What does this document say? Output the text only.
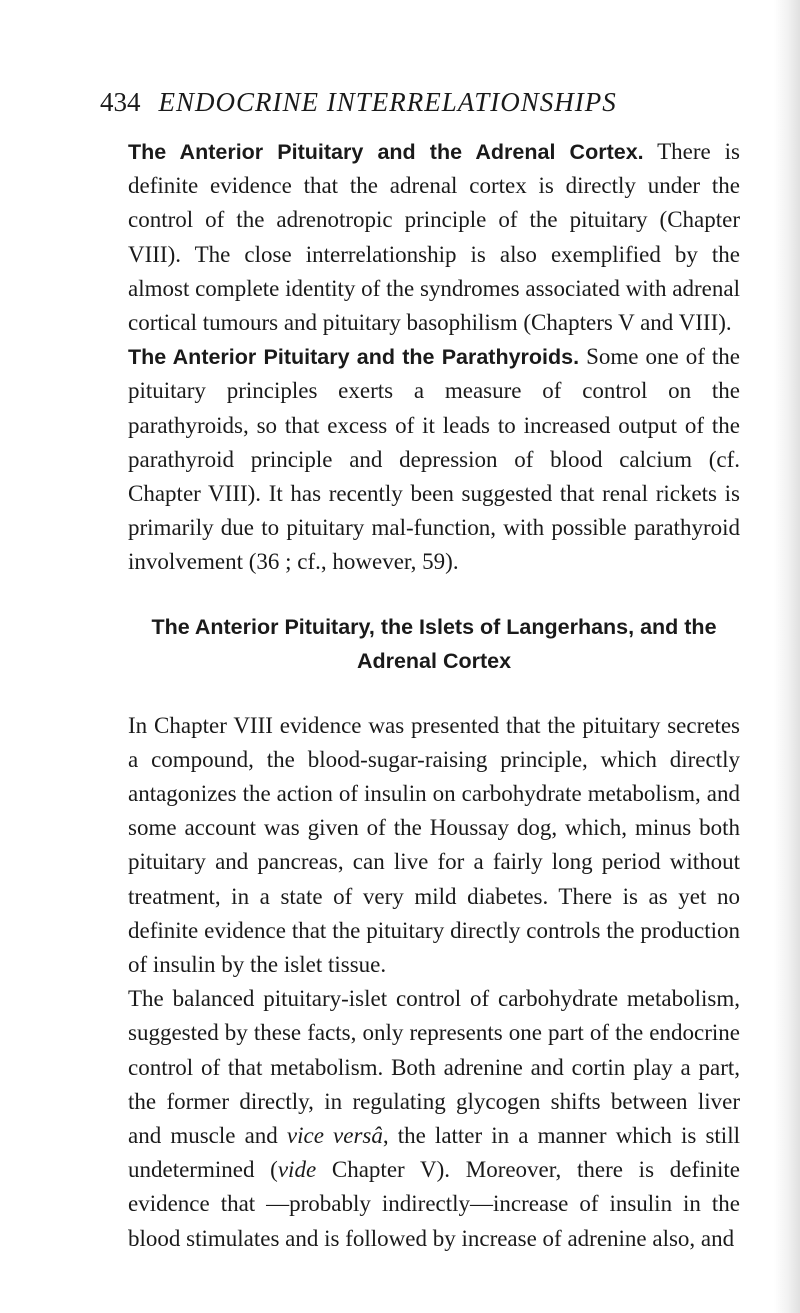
434 ENDOCRINE INTERRELATIONSHIPS

The Anterior Pituitary and the Adrenal Cortex. There is definite evidence that the adrenal cortex is directly under the control of the adrenotropic principle of the pituitary (Chapter VIII). The close interrelationship is also exemplified by the almost complete identity of the syndromes associated with adrenal cortical tumours and pituitary basophilism (Chapters V and VIII).

The Anterior Pituitary and the Parathyroids. Some one of the pituitary principles exerts a measure of control on the parathyroids, so that excess of it leads to increased output of the parathyroid principle and depression of blood calcium (cf. Chapter VIII). It has recently been suggested that renal rickets is primarily due to pituitary mal-function, with possible parathyroid involvement (36 ; cf., however, 59).

The Anterior Pituitary, the Islets of Langerhans, and the
Adrenal Cortex

In Chapter VIII evidence was presented that the pituitary secretes a compound, the blood-sugar-raising principle, which directly antagonizes the action of insulin on carbohydrate metabolism, and some account was given of the Houssay dog, which, minus both pituitary and pancreas, can live for a fairly long period without treatment, in a state of very mild diabetes. There is as yet no definite evidence that the pituitary directly controls the production of insulin by the islet tissue.

The balanced pituitary-islet control of carbohydrate metabolism, suggested by these facts, only represents one part of the endocrine control of that metabolism. Both adrenine and cortin play a part, the former directly, in regulating glycogen shifts between liver and muscle and vice versâ, the latter in a manner which is still undetermined (vide Chapter V). Moreover, there is definite evidence that —probably indirectly—increase of insulin in the blood stimulates and is followed by increase of adrenine also, and
